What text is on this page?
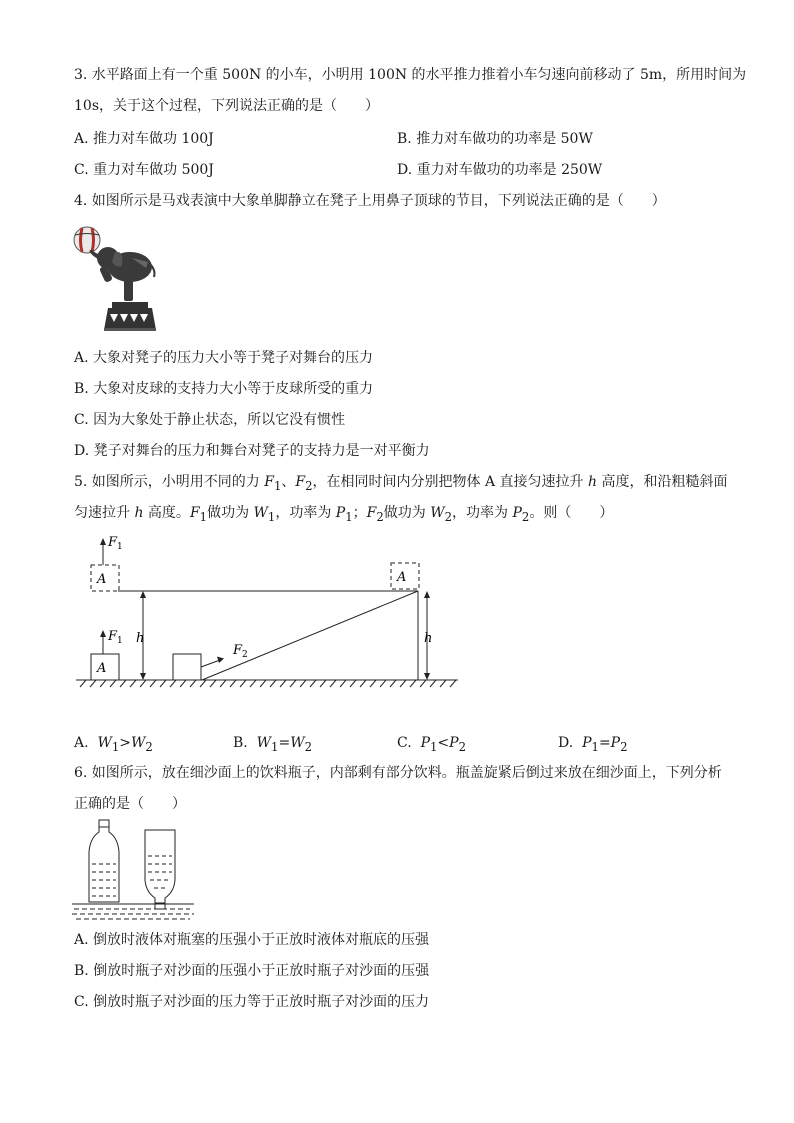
3. 水平路面上有一个重 500N 的小车，小明用 100N 的水平推力推着小车匀速向前移动了 5m，所用时间为
10s，关于这个过程，下列说法正确的是（　　）
A. 推力对车做功 100J	B. 推力对车做功的功率是 50W
C. 重力对车做功 500J	D. 重力对车做功的功率是 250W
4. 如图所示是马戏表演中大象单脚静立在凳子上用鼻子顶球的节目，下列说法正确的是（　　）
A. 大象对凳子的压力大小等于凳子对舞台的压力
B. 大象对皮球的支持力大小等于皮球所受的重力
C. 因为大象处于静止状态，所以它没有惯性
D. 凳子对舞台的压力和舞台对凳子的支持力是一对平衡力
5. 如图所示，小明用不同的力 $F_1$、$F_2$，在相同时间内分别把物体 A 直接匀速拉升 h 高度，和沿粗糙斜面
匀速拉升 h 高度。$F_1$做功为 $W_1$，功率为 $P_1$；$F_2$做功为 $W_2$，功率为 $P_2$。则（　　）
A
A
$F_1$
$F_1$ h
$F_2$
A
h
A. $W_1>W_2$	B. $W_1=W_2$	C. $P_1<P_2$	D. $P_1=P_2$
6. 如图所示，放在细沙面上的饮料瓶子，内部剩有部分饮料。瓶盖旋紧后倒过来放在细沙面上，下列分析
正确的是（　　）
A. 倒放时液体对瓶塞的压强小于正放时液体对瓶底的压强
B. 倒放时瓶子对沙面的压强小于正放时瓶子对沙面的压强
C. 倒放时瓶子对沙面的压力等于正放时瓶子对沙面的压力
